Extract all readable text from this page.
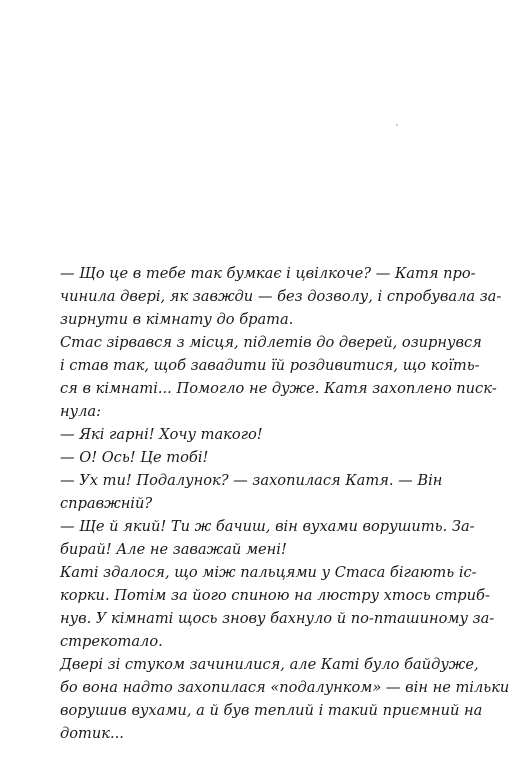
— Що це в тебе так бумкає і цвілкоче? — Катя про-
чинила двері, як завжди — без дозволу, і спробувала за-
зирнути в кімнату до брата.
Стас зірвався з місця, підлетів до дверей, озирнувся
і став так, щоб завадити їй роздивитися, що коїть-
ся в кімнаті... Помогло не дуже. Катя захоплено писк-
нула:
— Які гарні! Хочу такого!
— О! Ось! Це тобі!
— Ух ти! Подалунок? — захопилася Катя. — Він
справжній?
— Ще й який! Ти ж бачиш, він вухами ворушить. За-
бирай! Але не заважай мені!
Каті здалося, що між пальцями у Стаса бігають іс-
корки. Потім за його спиною на люстру хтось стриб-
нув. У кімнаті щось знову бахнуло й по-пташиному за-
стрекотало.
Двері зі стуком зачинилися, але Каті було байдуже,
бо вона надто захопилася «подалунком» — він не тільки
ворушив вухами, а й був теплий і такий приємний на
дотик...
